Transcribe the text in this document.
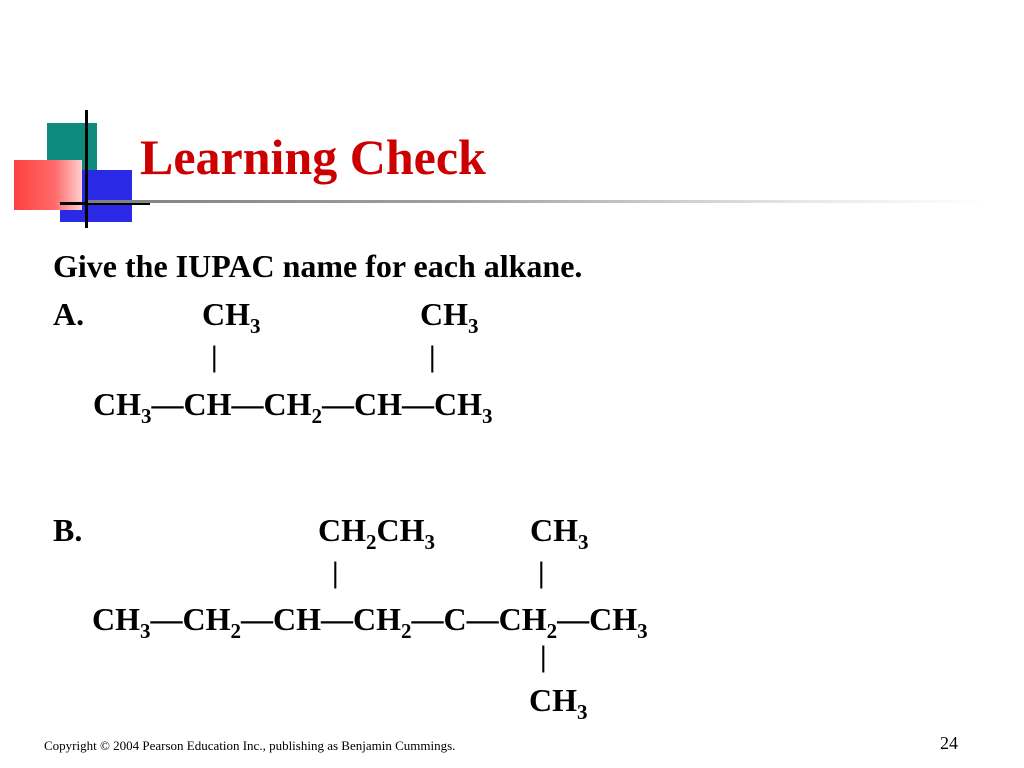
Learning Check
Give the IUPAC name for each alkane.
A.	$CH_3$	$CH_3$
|	|
$CH_3—CH—CH_2—CH—CH_3$
B.	$CH_2CH_3$	$CH_3$
|	|
$CH_3—CH_2—CH—CH_2—C—CH_2—CH_3$
|
$CH_3$
Copyright © 2004 Pearson Education Inc., publishing as Benjamin Cummings.	24
